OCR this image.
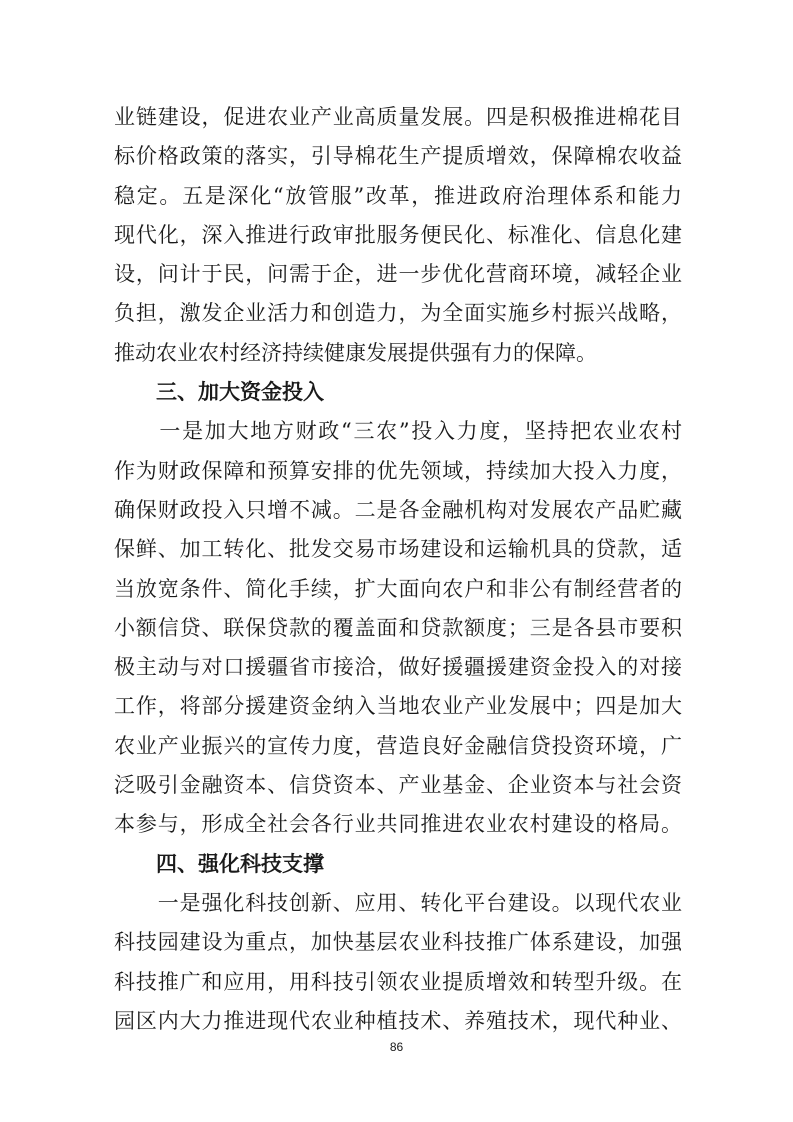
业链建设，促进农业产业高质量发展。四是积极推进棉花目
标价格政策的落实，引导棉花生产提质增效，保障棉农收益
稳定。五是深化“放管服”改革，推进政府治理体系和能力
现代化，深入推进行政审批服务便民化、标准化、信息化建
设，问计于民，问需于企，进一步优化营商环境，减轻企业
负担，激发企业活力和创造力，为全面实施乡村振兴战略，
推动农业农村经济持续健康发展提供强有力的保障。
三、加大资金投入
　　一是加大地方财政“三农”投入力度，坚持把农业农村
作为财政保障和预算安排的优先领域，持续加大投入力度，
确保财政投入只增不减。二是各金融机构对发展农产品贮藏
保鲜、加工转化、批发交易市场建设和运输机具的贷款，适
当放宽条件、简化手续，扩大面向农户和非公有制经营者的
小额信贷、联保贷款的覆盖面和贷款额度；三是各县市要积
极主动与对口援疆省市接洽，做好援疆援建资金投入的对接
工作，将部分援建资金纳入当地农业产业发展中；四是加大
农业产业振兴的宣传力度，营造良好金融信贷投资环境，广
泛吸引金融资本、信贷资本、产业基金、企业资本与社会资
本参与，形成全社会各行业共同推进农业农村建设的格局。
四、强化科技支撑
　　一是强化科技创新、应用、转化平台建设。以现代农业
科技园建设为重点，加快基层农业科技推广体系建设，加强
科技推广和应用，用科技引领农业提质增效和转型升级。在
园区内大力推进现代农业种植技术、养殖技术，现代种业、
86
